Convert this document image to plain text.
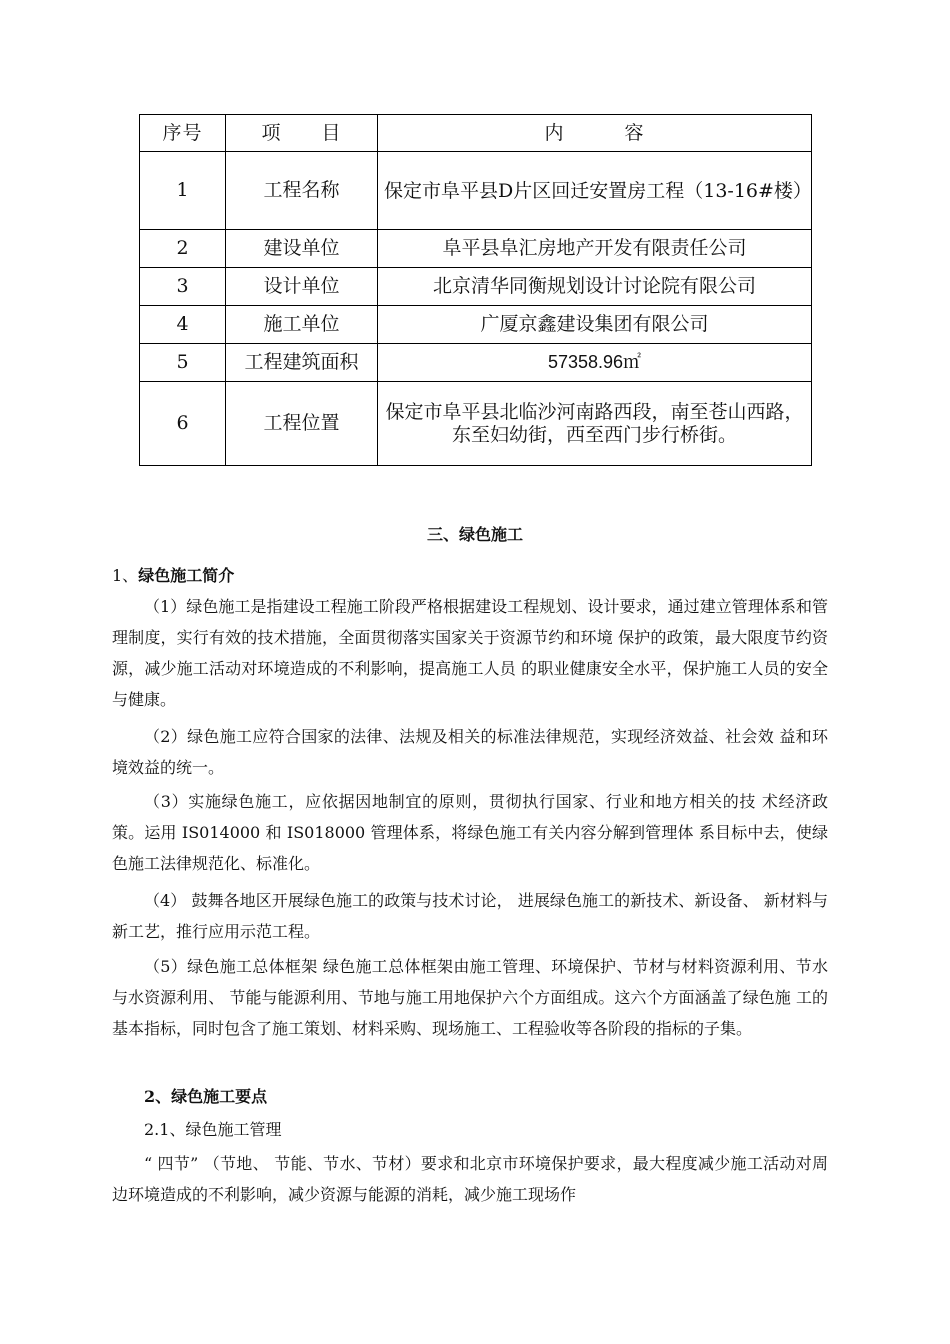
序号	项　　目	内　　　容
1	工程名称	保定市阜平县D片区回迁安置房工程（13-16#楼）
2	建设单位	阜平县阜汇房地产开发有限责任公司
3	设计单位	北京清华同衡规划设计讨论院有限公司
4	施工单位	广厦京鑫建设集团有限公司
5	工程建筑面积	57358.96㎡
6	工程位置	保定市阜平县北临沙河南路西段，南至苍山西路，东至妇幼街，西至西门步行桥街。
三、绿色施工

1、绿色施工简介

（1）绿色施工是指建设工程施工阶段严格根据建设工程规划、设计要求，通过建立管理体系和管理制度，实行有效的技术措施，全面贯彻落实国家关于资源节约和环境 保护的政策，最大限度节约资源，减少施工活动对环境造成的不利影响，提高施工人员 的职业健康安全水平，保护施工人员的安全与健康。

（2）绿色施工应符合国家的法律、法规及相关的标准法律规范，实现经济效益、社会效 益和环境效益的统一。

（3）实施绿色施工，应依据因地制宜的原则，贯彻执行国家、行业和地方相关的技 术经济政策。运用 IS014000 和 IS018000 管理体系，将绿色施工有关内容分解到管理体 系目标中去，使绿色施工法律规范化、标准化。

（4） 鼓舞各地区开展绿色施工的政策与技术讨论， 进展绿色施工的新技术、新设备、 新材料与新工艺，推行应用示范工程。

（5）绿色施工总体框架 绿色施工总体框架由施工管理、环境保护、节材与材料资源利用、节水与水资源利用、 节能与能源利用、节地与施工用地保护六个方面组成。这六个方面涵盖了绿色施 工的基本指标，同时包含了施工策划、材料采购、现场施工、工程验收等各阶段的指标的子集。

2、绿色施工要点

2.1、绿色施工管理

“ 四节” （节地、 节能、节水、节材）要求和北京市环境保护要求，最大程度减少施工活动对周边环境造成的不利影响，减少资源与能源的消耗，减少施工现场作
